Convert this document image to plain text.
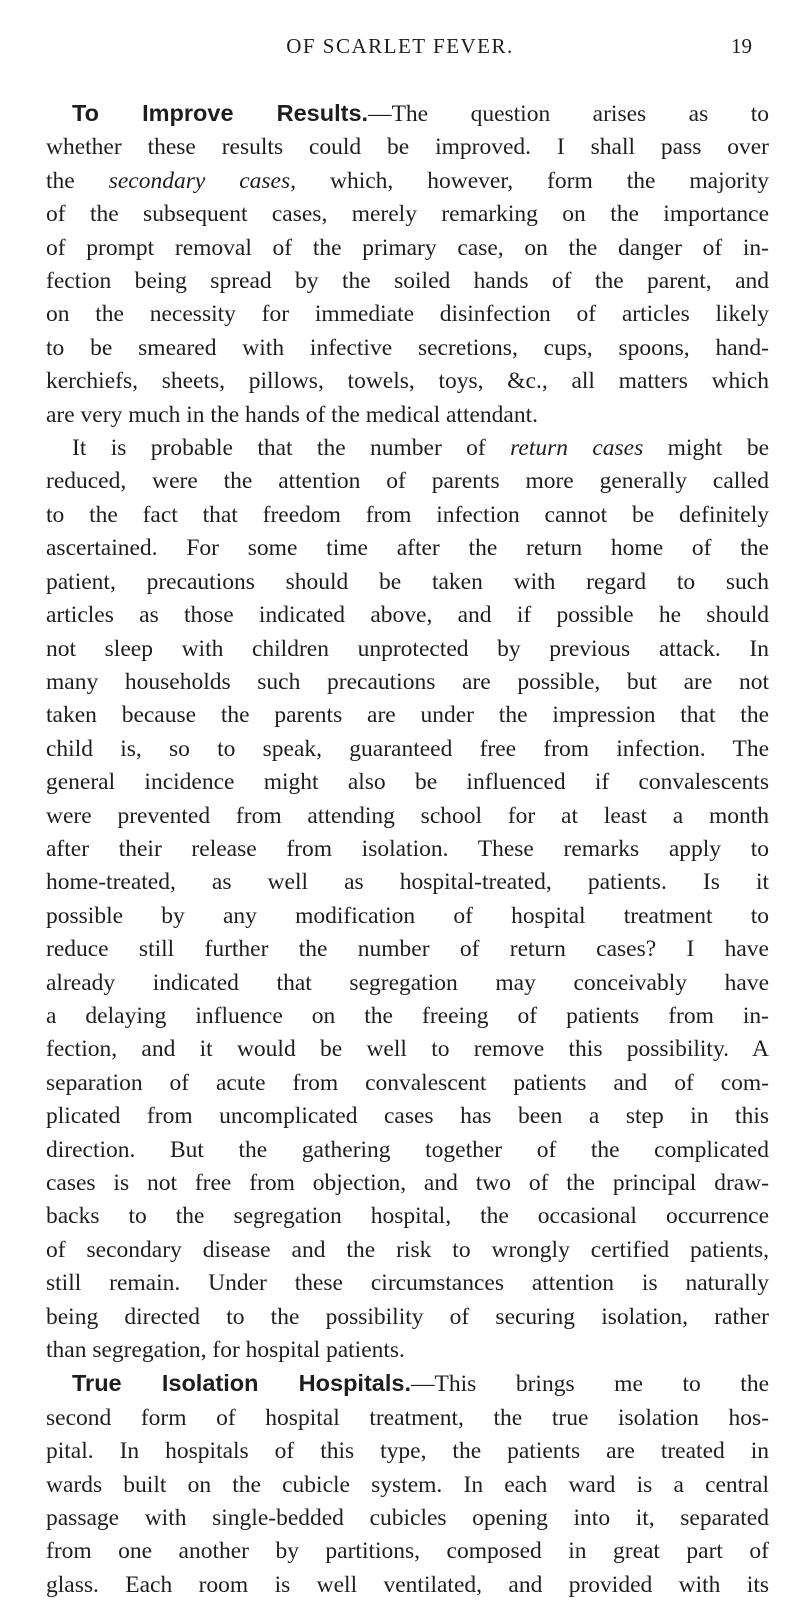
OF SCARLET FEVER.	19
To Improve Results.—The question arises as to
whether these results could be improved. I shall pass over
the secondary cases, which, however, form the majority
of the subsequent cases, merely remarking on the importance
of prompt removal of the primary case, on the danger of in-
fection being spread by the soiled hands of the parent, and
on the necessity for immediate disinfection of articles likely
to be smeared with infective secretions, cups, spoons, hand-
kerchiefs, sheets, pillows, towels, toys, &c., all matters which
are very much in the hands of the medical attendant.
It is probable that the number of return cases might be
reduced, were the attention of parents more generally called
to the fact that freedom from infection cannot be definitely
ascertained. For some time after the return home of the
patient, precautions should be taken with regard to such
articles as those indicated above, and if possible he should
not sleep with children unprotected by previous attack. In
many households such precautions are possible, but are not
taken because the parents are under the impression that the
child is, so to speak, guaranteed free from infection. The
general incidence might also be influenced if convalescents
were prevented from attending school for at least a month
after their release from isolation. These remarks apply to
home-treated, as well as hospital-treated, patients. Is it
possible by any modification of hospital treatment to
reduce still further the number of return cases? I have
already indicated that segregation may conceivably have
a delaying influence on the freeing of patients from in-
fection, and it would be well to remove this possibility. A
separation of acute from convalescent patients and of com-
plicated from uncomplicated cases has been a step in this
direction. But the gathering together of the complicated
cases is not free from objection, and two of the principal draw-
backs to the segregation hospital, the occasional occurrence
of secondary disease and the risk to wrongly certified patients,
still remain. Under these circumstances attention is naturally
being directed to the possibility of securing isolation, rather
than segregation, for hospital patients.
True Isolation Hospitals.—This brings me to the
second form of hospital treatment, the true isolation hos-
pital. In hospitals of this type, the patients are treated in
wards built on the cubicle system. In each ward is a central
passage with single-bedded cubicles opening into it, separated
from one another by partitions, composed in great part of
glass. Each room is well ventilated, and provided with its
